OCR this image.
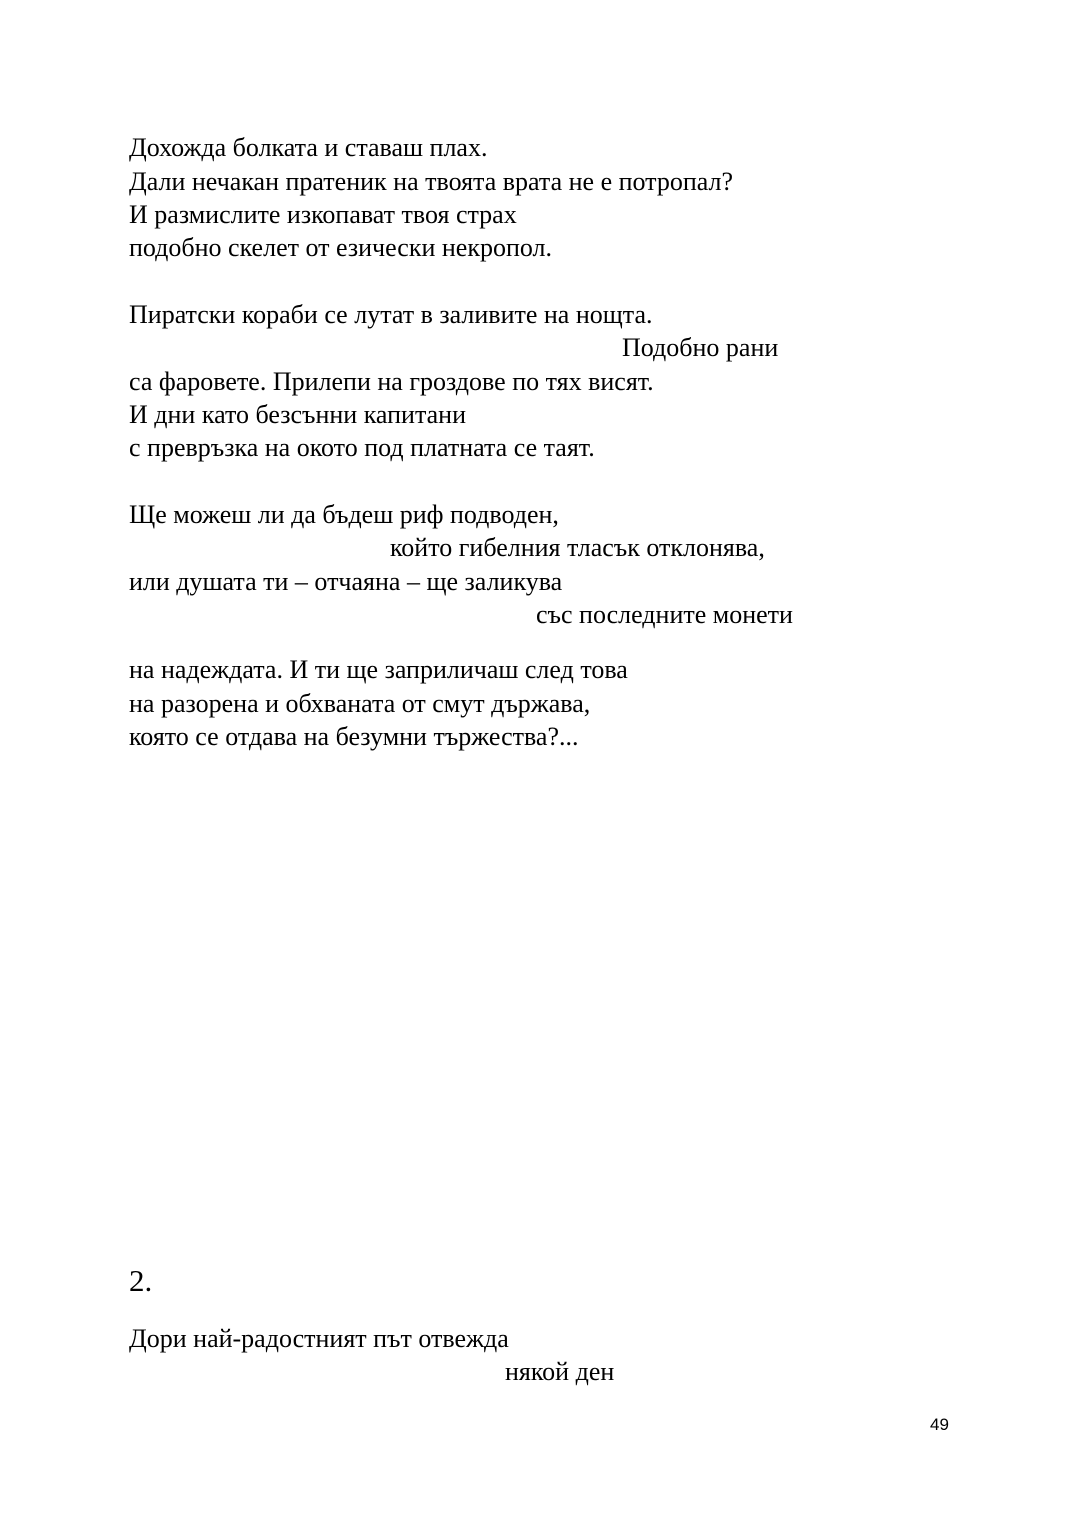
Дохожда болката и ставаш плах.
Дали нечакан пратеник на твоята врата не е потропал?
И размислите изкопават твоя страх
подобно скелет от езически некропол.
Пиратски кораби се лутат в заливите на нощта.
Подобно рани
са фаровете. Прилепи на гроздове по тях висят.
И дни като безсънни капитани
с превръзка на окото под платната се таят.
Ще можеш ли да бъдеш риф подводен,
който гибелния тласък отклонява,
или душата ти – отчаяна – ще заликува
със последните монети
на надеждата. И ти ще заприличаш след това
на разорена и обхваната от смут държава,
която се отдава на безумни тържества?...
2.
Дори най-радостният път отвежда
някой ден
49
